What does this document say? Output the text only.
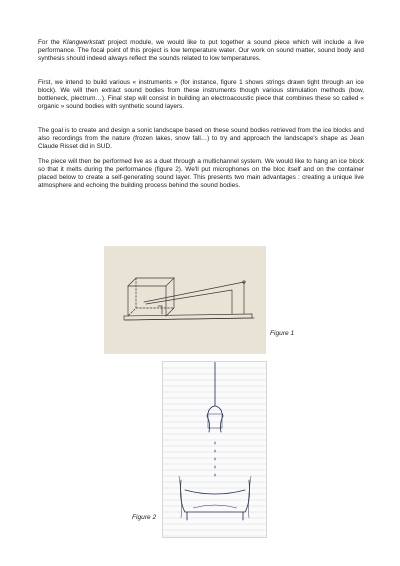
For the Klangwerkstatt project module, we would like to put together a sound piece which will include a live performance. The focal point of this project is low temperature water. Our work on sound matter, sound body and synthesis should indeed always reflect the sounds related to low temperatures.

First, we intend to build various « instruments » (for instance, figure 1 shows strings drawn tight through an ice block). We will then extract sound bodies from these instruments though various stimulation methods (bow, bottleneck, plectrum…). Final step will consist in building an electroacoustic piece that combines these so called « organic » sound bodies with synthetic sound layers.

The goal is to create and design a sonic landscape based on these sound bodies retrieved from the ice blocks and also recordings from the nature (frozen lakes, snow fall…) to try and approach the landscape's shape as Jean Claude Risset did in SUD.

The piece will then be performed live as a duet through a multichannel system. We would like to hang an ice block so that it melts during the performance (figure 2). We'll put microphones on the bloc itself and on the container placed below to create a self-generating sound layer. This presents two main advantages : creating a unique live atmosphere and echoing the building process behind the sound bodies.

Figure 1
Figure 2
